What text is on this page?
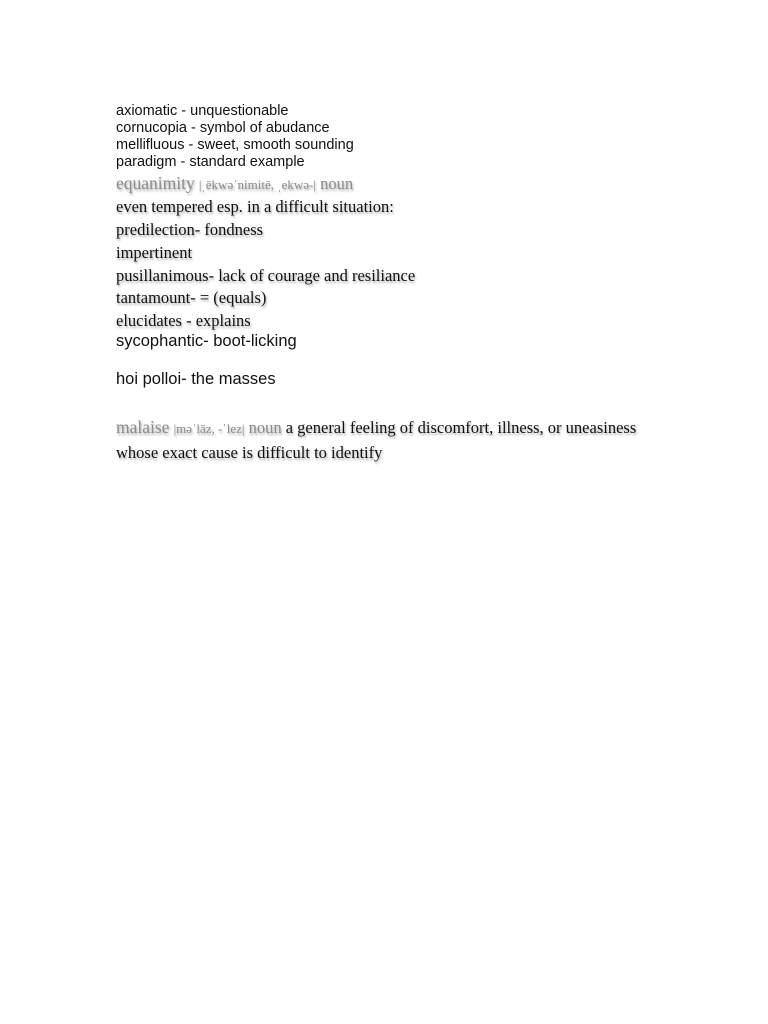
axiomatic - unquestionable
cornucopia - symbol of abudance
mellifluous - sweet, smooth sounding
paradigm - standard example
equanimity |ˌēkwəˈnimitē, ˌekwə-| noun
even tempered esp. in a difficult situation:
predilection- fondness
impertinent
pusillanimous- lack of courage and resiliance
tantamount- = (equals)
elucidates - explains
sycophantic- boot-licking
hoi polloi- the masses
malaise |məˈlāz, -ˈlez| noun a general feeling of discomfort, illness, or uneasiness whose exact cause is difficult to identify
